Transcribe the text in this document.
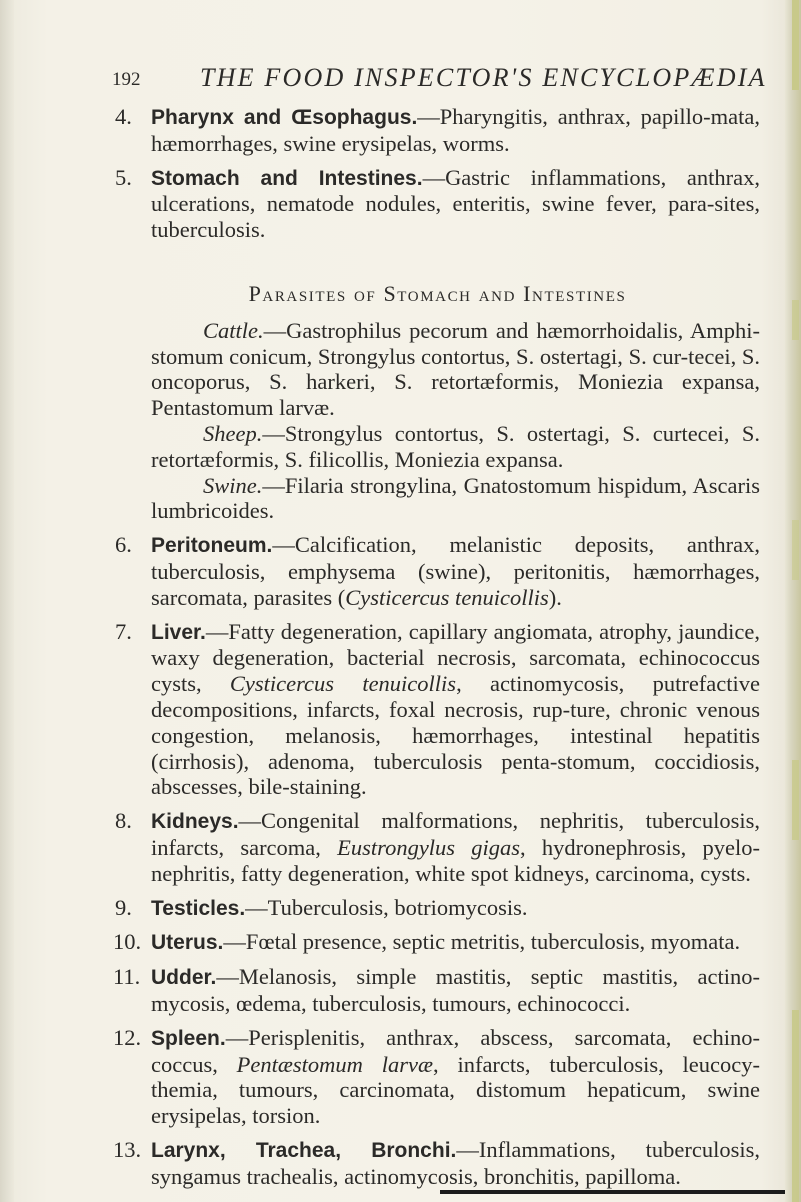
192 THE FOOD INSPECTOR'S ENCYCLOPÆDIA
4. Pharynx and Œsophagus.—Pharyngitis, anthrax, papillo-mata, hæmorrhages, swine erysipelas, worms.
5. Stomach and Intestines.—Gastric inflammations, anthrax, ulcerations, nematode nodules, enteritis, swine fever, para-sites, tuberculosis.

Parasites of Stomach and Intestines

Cattle.—Gastrophilus pecorum and hæmorrhoidalis, Amphi-stomum conicum, Strongylus contortus, S. ostertagi, S. cur-tecei, S. oncoporus, S. harkeri, S. retortæformis, Moniezia expansa, Pentastomum larvæ.
Sheep.—Strongylus contortus, S. ostertagi, S. curtecei, S. retortæformis, S. filicollis, Moniezia expansa.
Swine.—Filaria strongylina, Gnatostomum hispidum, Ascaris lumbricoides.
6. Peritoneum.—Calcification, melanistic deposits, anthrax, tuberculosis, emphysema (swine), peritonitis, hæmorrhages, sarcomata, parasites (Cysticercus tenuicollis).
7. Liver.—Fatty degeneration, capillary angiomata, atrophy, jaundice, waxy degeneration, bacterial necrosis, sarcomata, echinococcus cysts, Cysticercus tenuicollis, actinomycosis, putrefactive decompositions, infarcts, foxal necrosis, rup-ture, chronic venous congestion, melanosis, hæmorrhages, intestinal hepatitis (cirrhosis), adenoma, tuberculosis penta-stomum, coccidiosis, abscesses, bile-staining.
8. Kidneys.—Congenital malformations, nephritis, tuberculosis, infarcts, sarcoma, Eustrongylus gigas, hydronephrosis, pyelo-nephritis, fatty degeneration, white spot kidneys, carcinoma, cysts.
9. Testicles.—Tuberculosis, botriomycosis.
10. Uterus.—Fœtal presence, septic metritis, tuberculosis, myomata.
11. Udder.—Melanosis, simple mastitis, septic mastitis, actino-mycosis, œdema, tuberculosis, tumours, echinococci.
12. Spleen.—Perisplenitis, anthrax, abscess, sarcomata, echino-coccus, Pentæstomum larvæ, infarcts, tuberculosis, leucocy-themia, tumours, carcinomata, distomum hepaticum, swine erysipelas, torsion.
13. Larynx, Trachea, Bronchi.—Inflammations, tuberculosis, syngamus trachealis, actinomycosis, bronchitis, papilloma.
